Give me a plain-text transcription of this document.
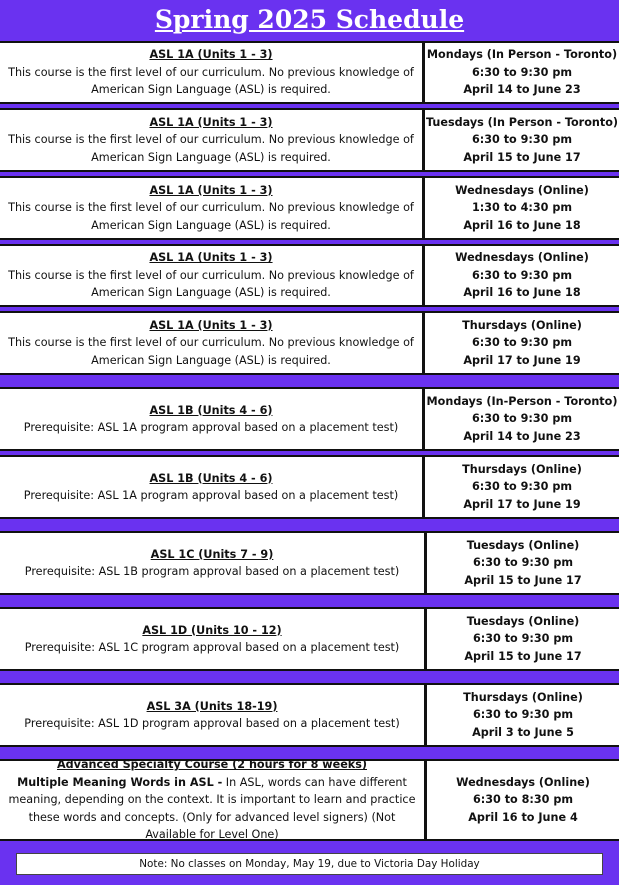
Spring 2025 Schedule
ASL 1A (Units 1 - 3)
This course is the first level of our curriculum. No previous knowledge of American Sign Language (ASL) is required.
Mondays (In Person - Toronto)
6:30 to 9:30 pm
April 14 to June 23
ASL 1A (Units 1 - 3)
This course is the first level of our curriculum. No previous knowledge of American Sign Language (ASL) is required.
Tuesdays (In Person - Toronto)
6:30 to 9:30 pm
April 15 to June 17
ASL 1A (Units 1 - 3)
This course is the first level of our curriculum. No previous knowledge of American Sign Language (ASL) is required.
Wednesdays (Online)
1:30 to 4:30 pm
April 16 to June 18
ASL 1A (Units 1 - 3)
This course is the first level of our curriculum. No previous knowledge of American Sign Language (ASL) is required.
Wednesdays (Online)
6:30 to 9:30 pm
April 16 to June 18
ASL 1A (Units 1 - 3)
This course is the first level of our curriculum. No previous knowledge of American Sign Language (ASL) is required.
Thursdays (Online)
6:30 to 9:30 pm
April 17 to June 19
ASL 1B (Units 4 - 6)
Prerequisite: ASL 1A program approval based on a placement test)
Mondays (In-Person - Toronto)
6:30 to 9:30 pm
April 14 to June 23
ASL 1B (Units 4 - 6)
Prerequisite: ASL 1A program approval based on a placement test)
Thursdays (Online)
6:30 to 9:30 pm
April 17 to June 19
ASL 1C (Units 7 - 9)
Prerequisite: ASL 1B program approval based on a placement test)
Tuesdays (Online)
6:30 to 9:30 pm
April 15 to June 17
ASL 1D (Units 10 - 12)
Prerequisite: ASL 1C program approval based on a placement test)
Tuesdays (Online)
6:30 to 9:30 pm
April 15 to June 17
ASL 3A (Units 18-19)
Prerequisite: ASL 1D program approval based on a placement test)
Thursdays (Online)
6:30 to 9:30 pm
April 3 to June 5
Advanced Specialty Course (2 hours for 8 weeks)
Multiple Meaning Words in ASL - In ASL, words can have different meaning, depending on the context. It is important to learn and practice these words and concepts. (Only for advanced level signers) (Not Available for Level One)
Wednesdays (Online)
6:30 to 8:30 pm
April 16 to June 4
Note: No classes on Monday, May 19, due to Victoria Day Holiday
